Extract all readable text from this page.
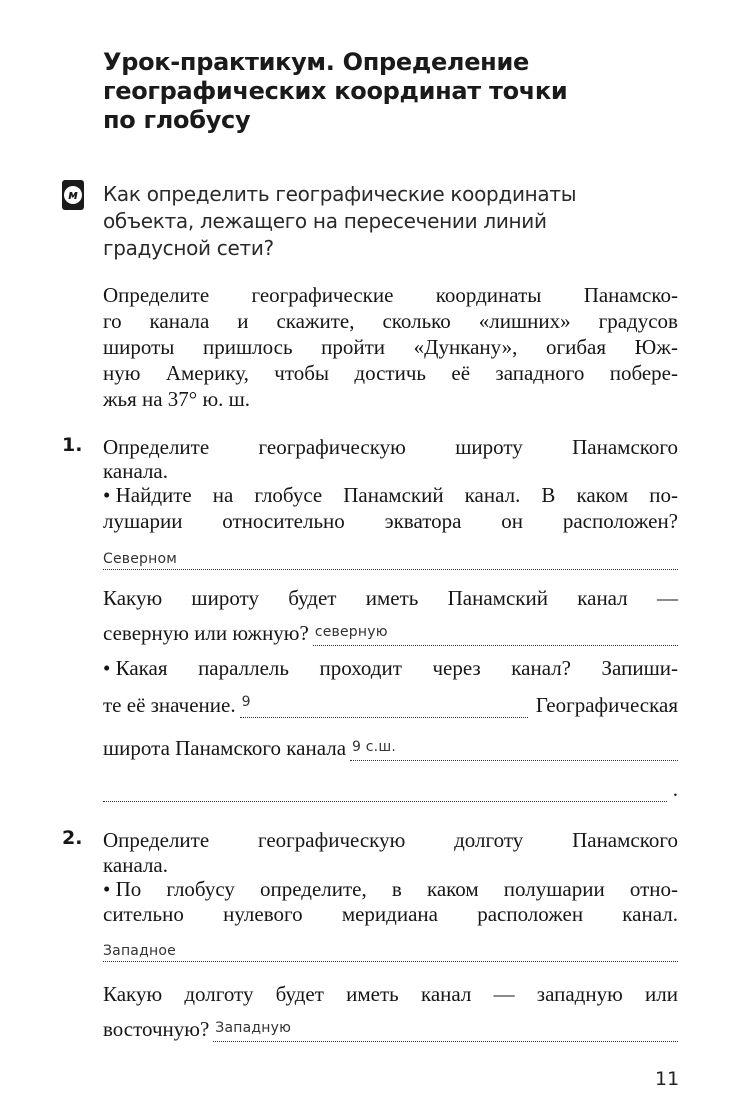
Урок-практикум. Определение
географических координат точки
по глобусу
м Как определить географические координаты
объекта, лежащего на пересечении линий
градусной сети?
Определите географические координаты Панамско-
го канала и скажите, сколько «лишних» градусов
широты пришлось пройти «Дункану», огибая Юж-
ную Америку, чтобы достичь её западного побере-
жья на 37° ю. ш.
1. Определите географическую широту Панамского
канала.
• Найдите на глобусе Панамский канал. В каком по-
лушарии относительно экватора он расположен?
Северном
Какую широту будет иметь Панамский канал —
северную или южную? северную
• Какая параллель проходит через канал? Запиши-
те её значение. 9	Географическая
широта Панамского канала 9 с.ш.
.
2. Определите географическую долготу Панамского
канала.
• По глобусу определите, в каком полушарии отно-
сительно нулевого меридиана расположен канал.
Западное
Какую долготу будет иметь канал — западную или
восточную? Западную
11
